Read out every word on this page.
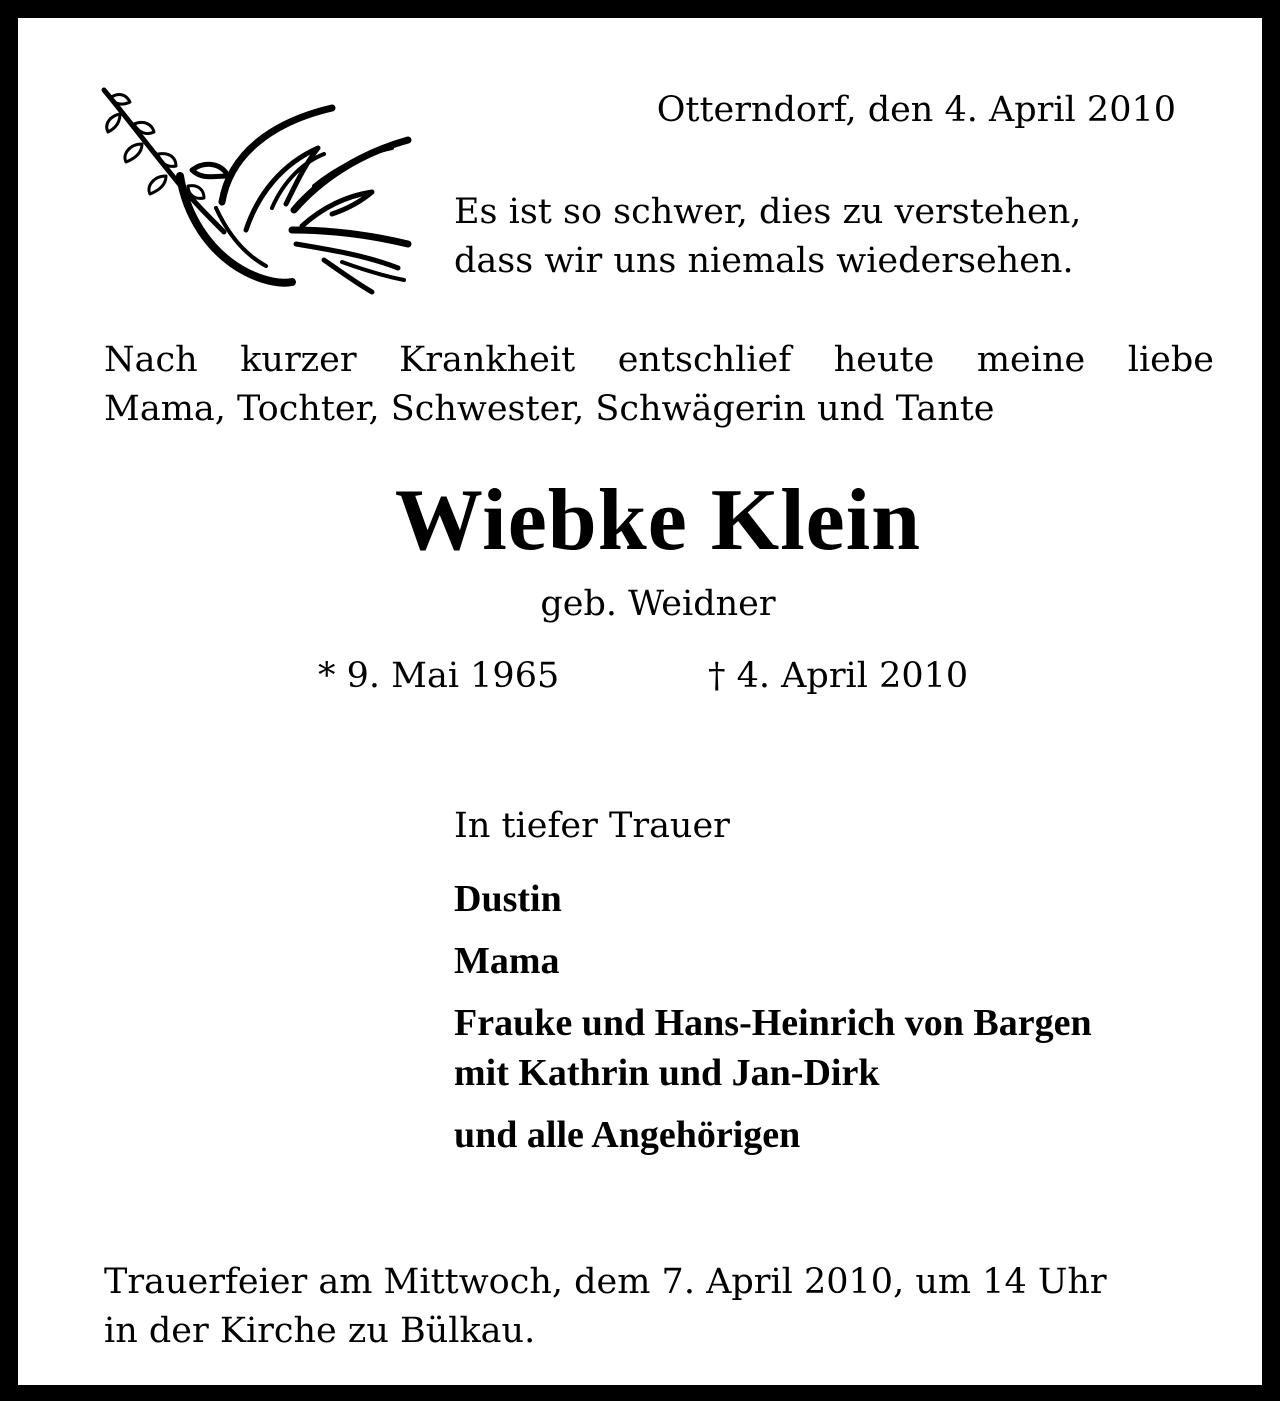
Otterndorf, den 4. April 2010
Es ist so schwer, dies zu verstehen,
dass wir uns niemals wiedersehen.
Nach kurzer Krankheit entschlief heute meine liebe
Mama, Tochter, Schwester, Schwägerin und Tante
Wiebke Klein
geb. Weidner
* 9. Mai 1965	† 4. April 2010
In tiefer Trauer
Dustin
Mama
Frauke und Hans-Heinrich von Bargen
mit Kathrin und Jan-Dirk
und alle Angehörigen
Trauerfeier am Mittwoch, dem 7. April 2010, um 14 Uhr
in der Kirche zu Bülkau.
